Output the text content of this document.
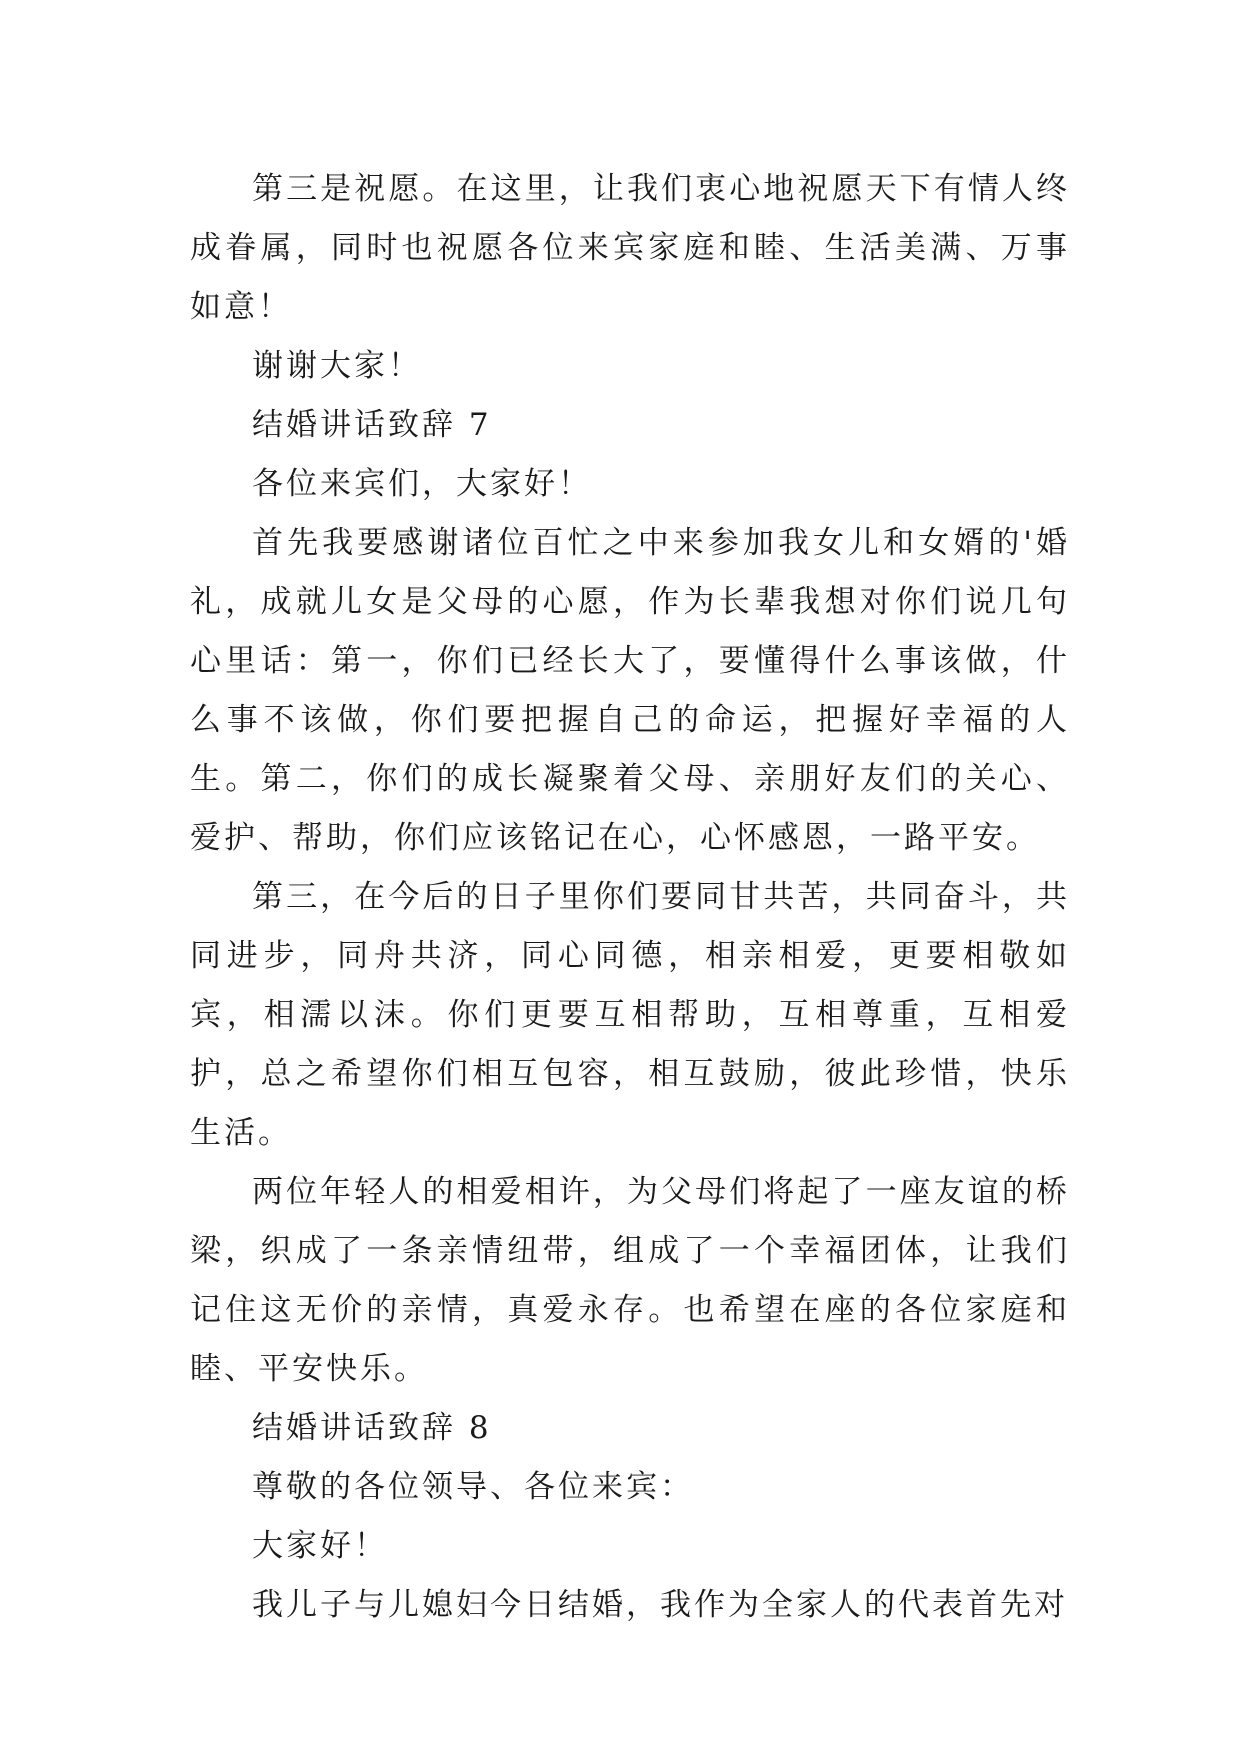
第三是祝愿。在这里，让我们衷心地祝愿天下有情人终成眷属，同时也祝愿各位来宾家庭和睦、生活美满、万事如意！

谢谢大家！

结婚讲话致辞 7

各位来宾们，大家好！

首先我要感谢诸位百忙之中来参加我女儿和女婿的'婚礼，成就儿女是父母的心愿，作为长辈我想对你们说几句心里话：第一，你们已经长大了，要懂得什么事该做，什么事不该做，你们要把握自己的命运，把握好幸福的人生。第二，你们的成长凝聚着父母、亲朋好友们的关心、爱护、帮助，你们应该铭记在心，心怀感恩，一路平安。

第三，在今后的日子里你们要同甘共苦，共同奋斗，共同进步，同舟共济，同心同德，相亲相爱，更要相敬如宾，相濡以沫。你们更要互相帮助，互相尊重，互相爱护，总之希望你们相互包容，相互鼓励，彼此珍惜，快乐生活。

两位年轻人的相爱相许，为父母们将起了一座友谊的桥梁，织成了一条亲情纽带，组成了一个幸福团体，让我们记住这无价的亲情，真爱永存。也希望在座的各位家庭和睦、平安快乐。

结婚讲话致辞 8

尊敬的各位领导、各位来宾：

大家好！

我儿子与儿媳妇今日结婚，我作为全家人的代表首先对
